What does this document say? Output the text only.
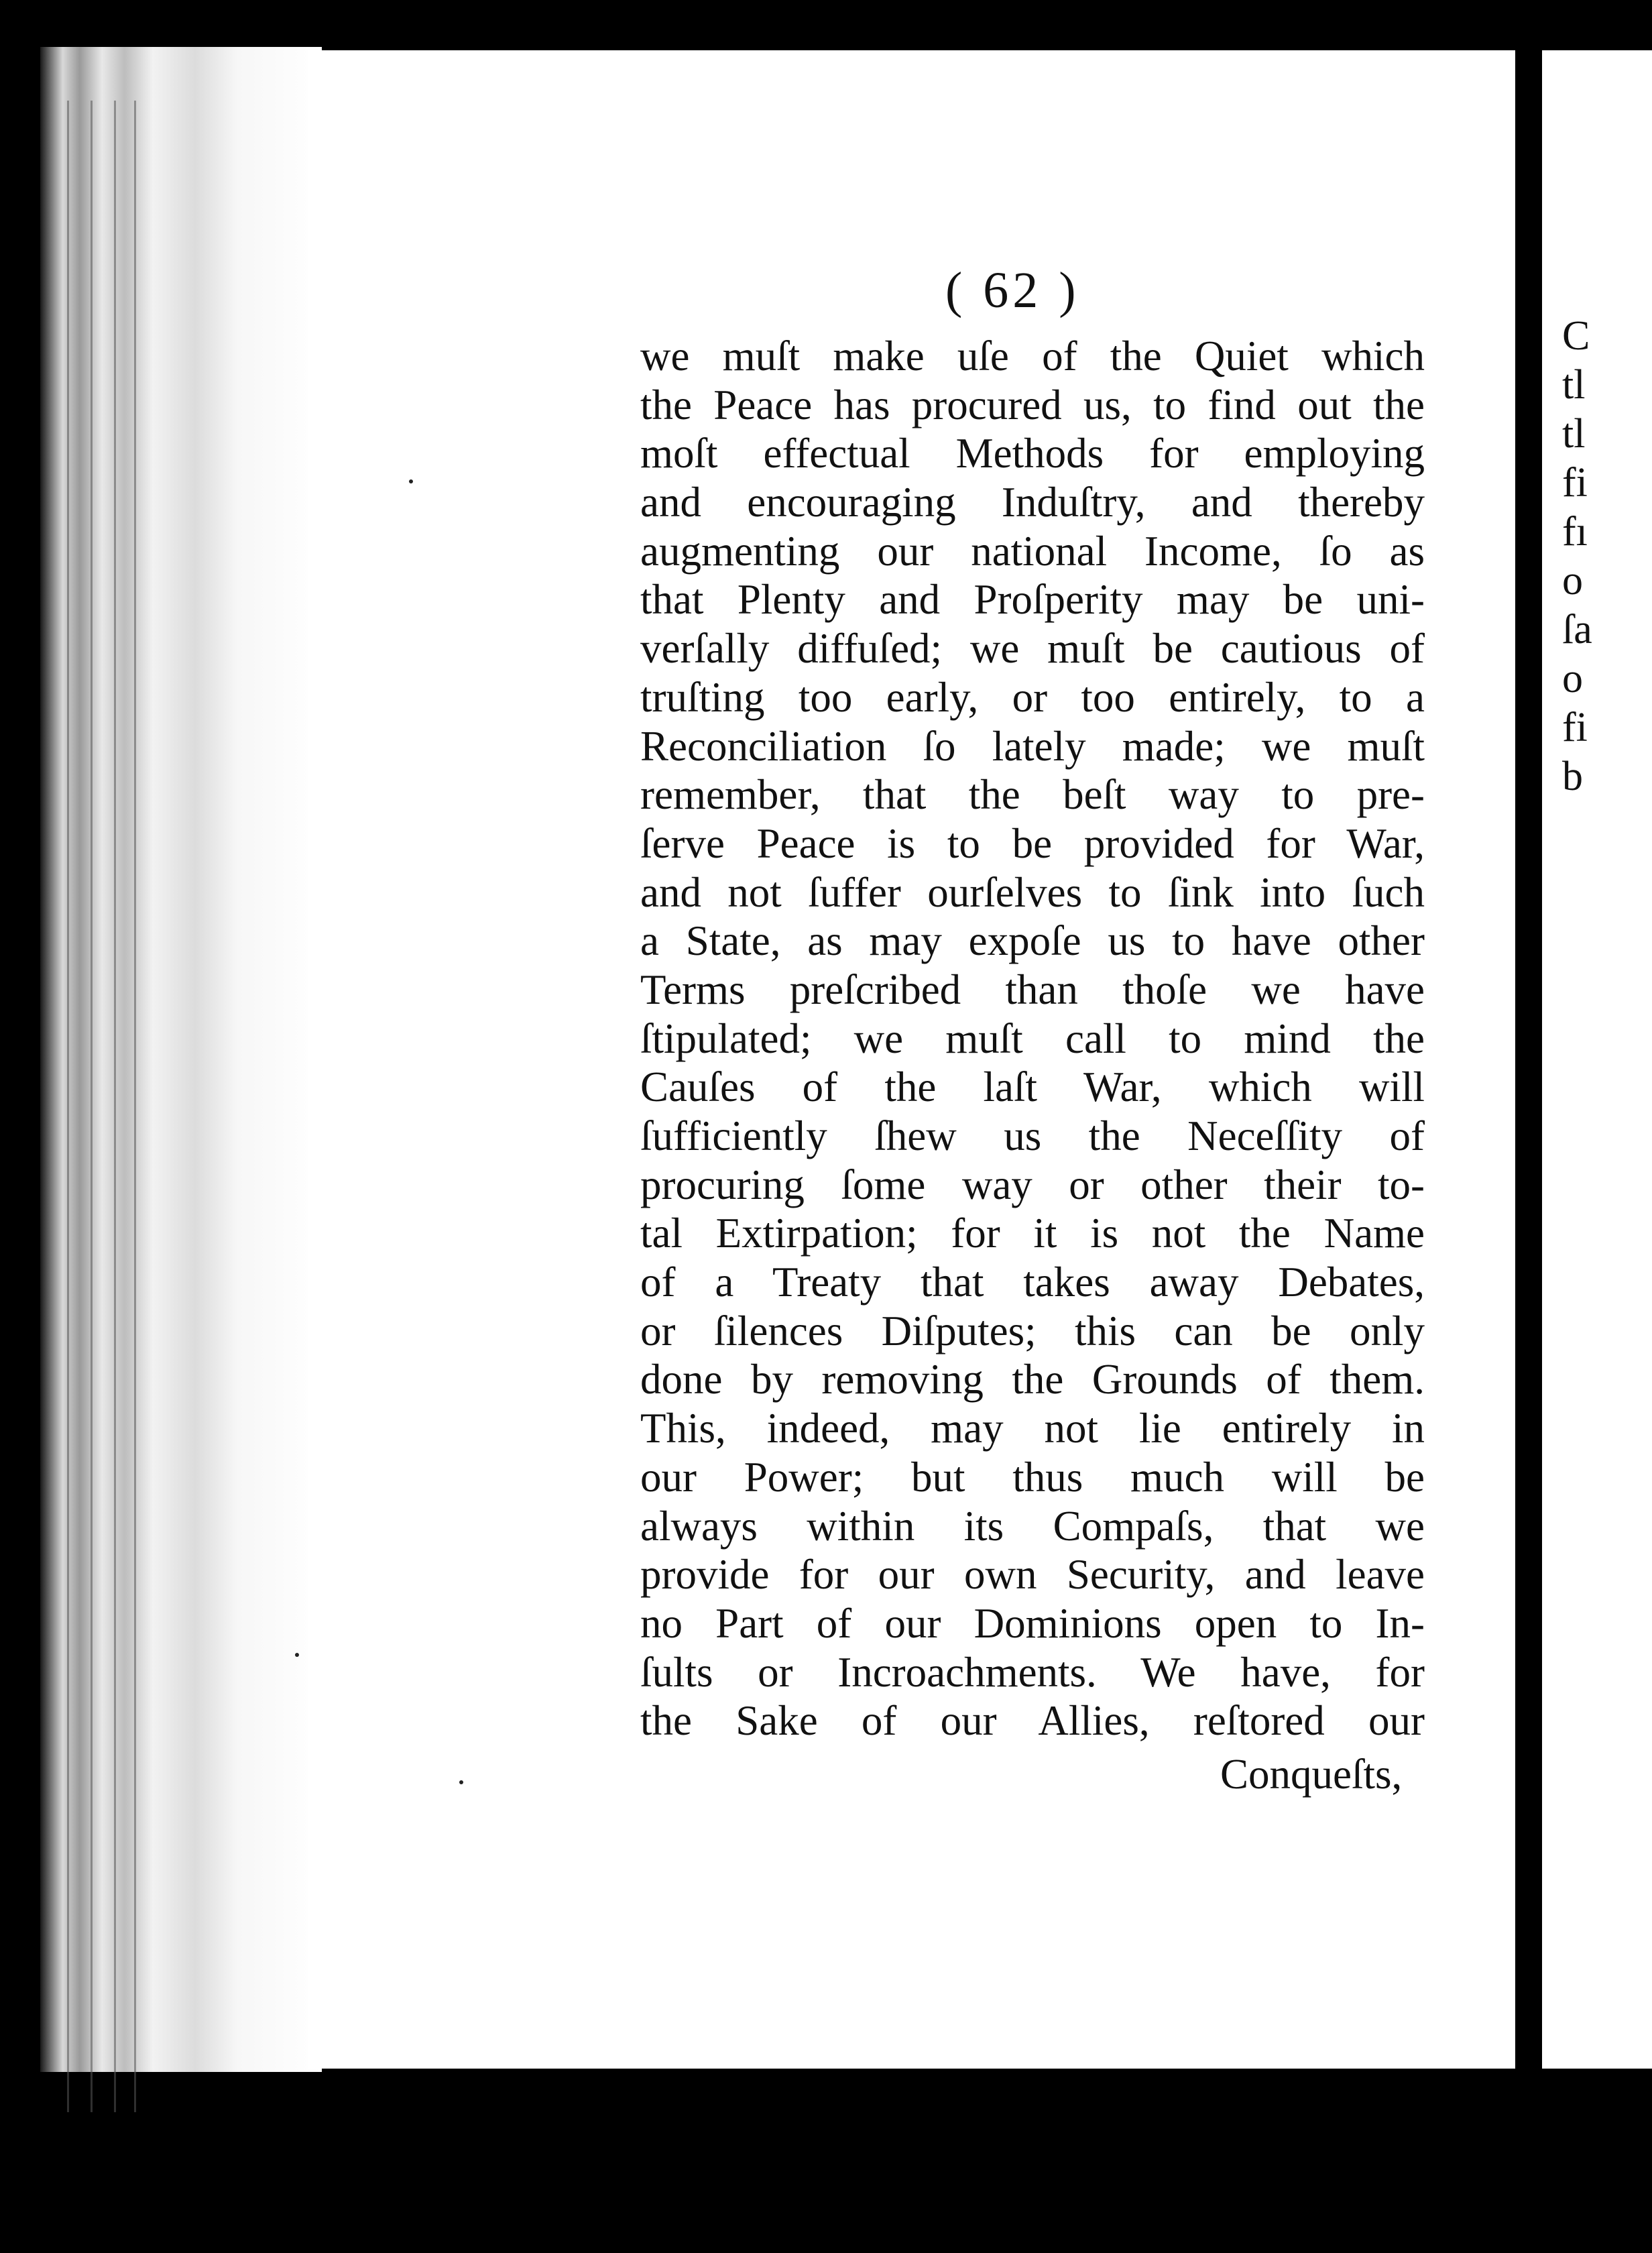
( 62 )
we muſt make uſe of the Quiet which
the Peace has procured us, to find out the
moſt effectual Methods for employing
and encouraging Induſtry, and thereby
augmenting our national Income, ſo as
that Plenty and Proſperity may be uni-
verſally diffuſed; we muſt be cautious of
truſting too early, or too entirely, to a
Reconciliation ſo lately made; we muſt
remember, that the beſt way to pre-
ſerve Peace is to be provided for War,
and not ſuffer ourſelves to ſink into ſuch
a State, as may expoſe us to have other
Terms preſcribed than thoſe we have
ſtipulated; we muſt call to mind the
Cauſes of the laſt War, which will
ſufficiently ſhew us the Neceſſity of
procuring ſome way or other their to-
tal Extirpation; for it is not the Name
of a Treaty that takes away Debates,
or ſilences Diſputes; this can be only
done by removing the Grounds of them.
This, indeed, may not lie entirely in
our Power; but thus much will be
always within its Compaſs, that we
provide for our own Security, and leave
no Part of our Dominions open to In-
ſults or Incroachments. We have, for
the Sake of our Allies, reſtored our
Conqueſts,
C
tl
tl
fi
fı
o
ſa
o
fi
b
